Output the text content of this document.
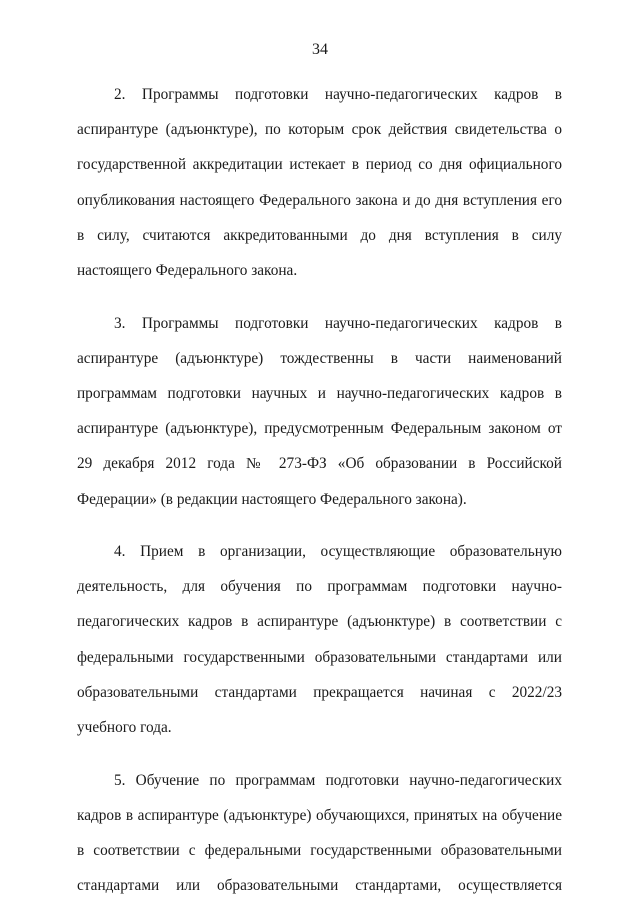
34

2. Программы подготовки научно-педагогических кадров в аспирантуре (адъюнктуре), по которым срок действия свидетельства о государственной аккредитации истекает в период со дня официального опубликования настоящего Федерального закона и до дня вступления его в силу, считаются аккредитованными до дня вступления в силу настоящего Федерального закона.

3. Программы подготовки научно-педагогических кадров в аспирантуре (адъюнктуре) тождественны в части наименований программам подготовки научных и научно-педагогических кадров в аспирантуре (адъюнктуре), предусмотренным Федеральным законом от 29 декабря 2012 года № 273-ФЗ «Об образовании в Российской Федерации» (в редакции настоящего Федерального закона).

4. Прием в организации, осуществляющие образовательную деятельность, для обучения по программам подготовки научно-педагогических кадров в аспирантуре (адъюнктуре) в соответствии с федеральными государственными образовательными стандартами или образовательными стандартами прекращается начиная с 2022/23 учебного года.

5. Обучение по программам подготовки научно-педагогических кадров в аспирантуре (адъюнктуре) обучающихся, принятых на обучение в соответствии с федеральными государственными образовательными стандартами или образовательными стандартами, осуществляется
